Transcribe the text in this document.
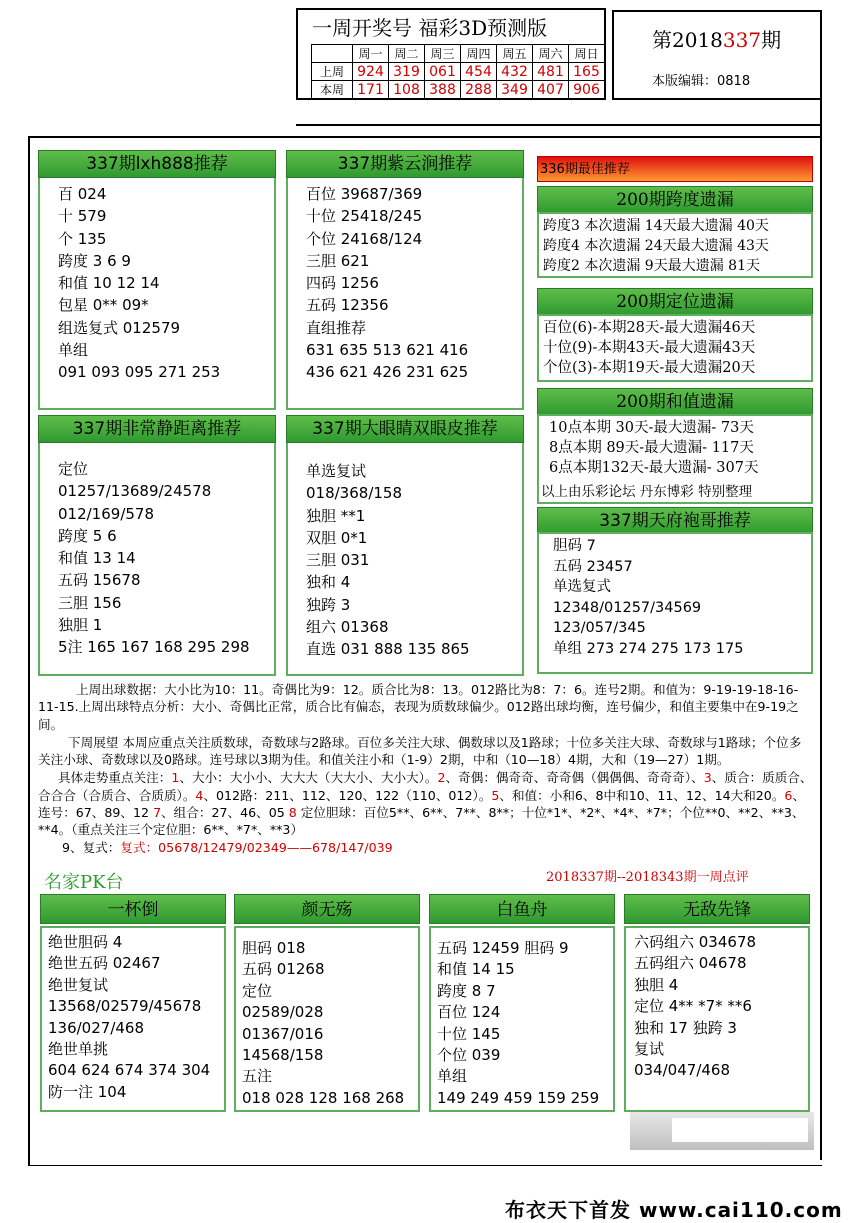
一周开奖号 福彩3D预测版
	周一	周二	周三	周四	周五	周六	周日
上周	924	319	061	454	432	481	165
本周	171	108	388	288	349	407	906
第2018337期
本版编辑：0818
百 024
十 579
个 135
跨度 3 6 9
和值 10 12 14
包星 0** 09*
组选复式 012579
单组
091 093 095 271 253
337期lxh888推荐
百位 39687/369
十位 25418/245
个位 24168/124
三胆 621
四码 1256
五码 12356
直组推荐
631 635 513 621 416
436 621 426 231 625
337期紫云涧推荐
定位
01257/13689/24578
012/169/578
跨度 5 6
和值 13 14
五码 15678
三胆 156
独胆 1
5注 165 167 168 295 298
337期非常静距离推荐
单选复试
018/368/158
独胆 **1
双胆 0*1
三胆 031
独和 4
独跨 3
组六 01368
直选 031 888 135 865
337期大眼睛双眼皮推荐
336期最佳推荐
200期跨度遗漏
跨度3 本次遗漏 14天最大遗漏 40天
跨度4 本次遗漏 24天最大遗漏 43天
跨度2 本次遗漏 9天最大遗漏 81天
200期定位遗漏
百位(6)-本期28天-最大遗漏46天
十位(9)-本期43天-最大遗漏43天
个位(3)-本期19天-最大遗漏20天
200期和值遗漏
10点本期 30天-最大遗漏- 73天
8点本期 89天-最大遗漏- 117天
6点本期132天-最大遗漏- 307天
以上由乐彩论坛 丹东博彩 特别整理
337期天府袍哥推荐
胆码 7
五码 23457
单选复式
12348/01257/34569
123/057/345
单组 273 274 275 173 175

上周出球数据：大小比为10：11。奇偶比为9：12。质合比为8：13。012路比为8：7：6。连号2期。和值为：9-19-19-18-16-11-15.上周出球特点分析：大小、奇偶比正常，质合比有偏态，表现为质数球偏少。012路出球均衡，连号偏少，和值主要集中在9-19之间。

下周展望 本周应重点关注质数球，奇数球与2路球。百位多关注大球、偶数球以及1路球；十位多关注大球、奇数球与1路球；个位多关注小球、奇数球以及0路球。连号球以3期为佳。和值关注小和（1-9）2期，中和（10—18）4期，大和（19—27）1期。

具体走势重点关注：1、大小：大小小、大大大（大大小、大小大）。2、奇偶：偶奇奇、奇奇偶（偶偶偶、奇奇奇）、3、质合：质质合、合合合（合质合、合质质）。4、012路：211、112、120、122（110、012）。5、和值：小和6、8中和10、11、12、14大和20。6、连号：67、89、12 7、组合：27、46、05 8 定位胆球：百位5**、6**、7**、8**；十位*1*、*2*、*4*、*7*；个位**0、**2、**3、**4。（重点关注三个定位胆：6**、*7*、**3）

9、复式：复式：05678/12479/02349——678/147/039

名家PK台	2018337期--2018343期一周点评
一杯倒
绝世胆码 4
绝世五码 02467
绝世复试
13568/02579/45678
136/027/468
绝世单挑
604 624 674 374 304
防一注 104
颜无殇
胆码 018
五码 01268
定位
02589/028
01367/016
14568/158
五注
018 028 128 168 268
白鱼舟
五码 12459 胆码 9
和值 14 15
跨度 8 7
百位 124
十位 145
个位 039
单组
149 249 459 159 259
无敌先锋
六码组六 034678
五码组六 04678
独胆 4
定位 4** *7* **6
独和 17 独跨 3
复试
034/047/468
布衣天下首发 www.cai110.com
